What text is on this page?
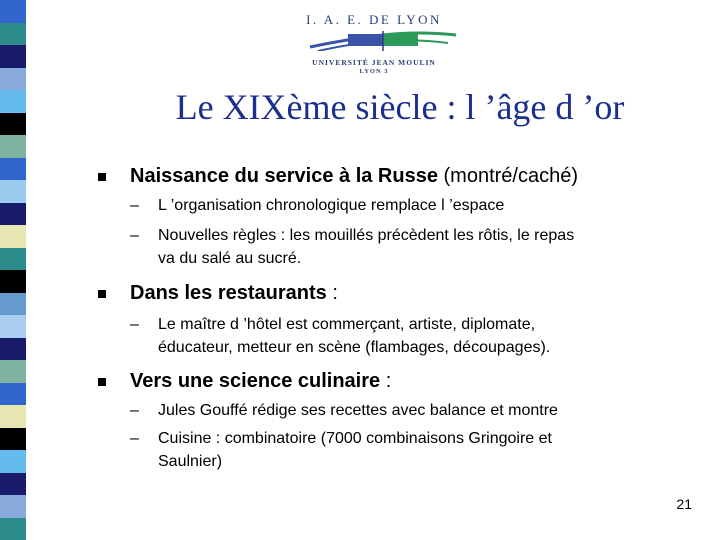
I. A. E. DE LYON
UNIVERSITÉ JEAN MOULIN
LYON 3
Le XIXème siècle : l ’âge d ’or
Naissance du service à la Russe (montré/caché)
– L ’organisation chronologique remplace l ’espace
– Nouvelles règles : les mouillés précèdent les rôtis, le repas
va du salé au sucré.
Dans les restaurants :
– Le maître d ’hôtel est commerçant, artiste, diplomate,
éducateur, metteur en scène (flambages, découpages).
Vers une science culinaire :
– Jules Gouffé rédige ses recettes avec balance et montre
– Cuisine : combinatoire (7000 combinaisons Gringoire et
Saulnier)
21
